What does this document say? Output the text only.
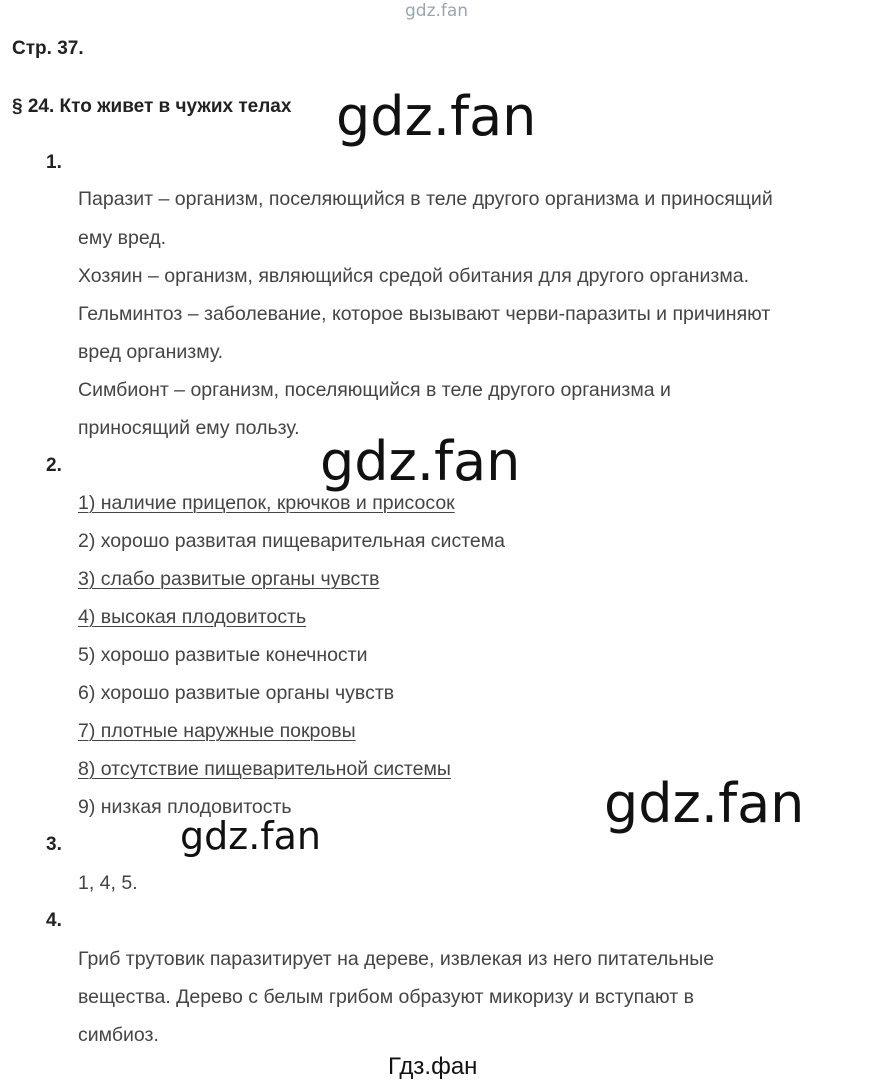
gdz.fan
Стр. 37.
§ 24. Кто живет в чужих телах gdz.fan
gdz.fan
gdz.fan
gdz.fan
1.
Паразит – организм, поселяющийся в теле другого организма и приносящий
ему вред.
Хозяин – организм, являющийся средой обитания для другого организма.
Гельминтоз – заболевание, которое вызывают черви-паразиты и причиняют
вред организму.
Симбионт – организм, поселяющийся в теле другого организма и
приносящий ему пользу.
2.
1) наличие прицепок, крючков и присосок
2) хорошо развитая пищеварительная система
3) слабо развитые органы чувств
4) высокая плодовитость
5) хорошо развитые конечности
6) хорошо развитые органы чувств
7) плотные наружные покровы
8) отсутствие пищеварительной системы
9) низкая плодовитость
3.
1, 4, 5.
4.
Гриб трутовик паразитирует на дереве, извлекая из него питательные
вещества. Дерево с белым грибом образуют микоризу и вступают в
симбиоз.
Гдз.фан
